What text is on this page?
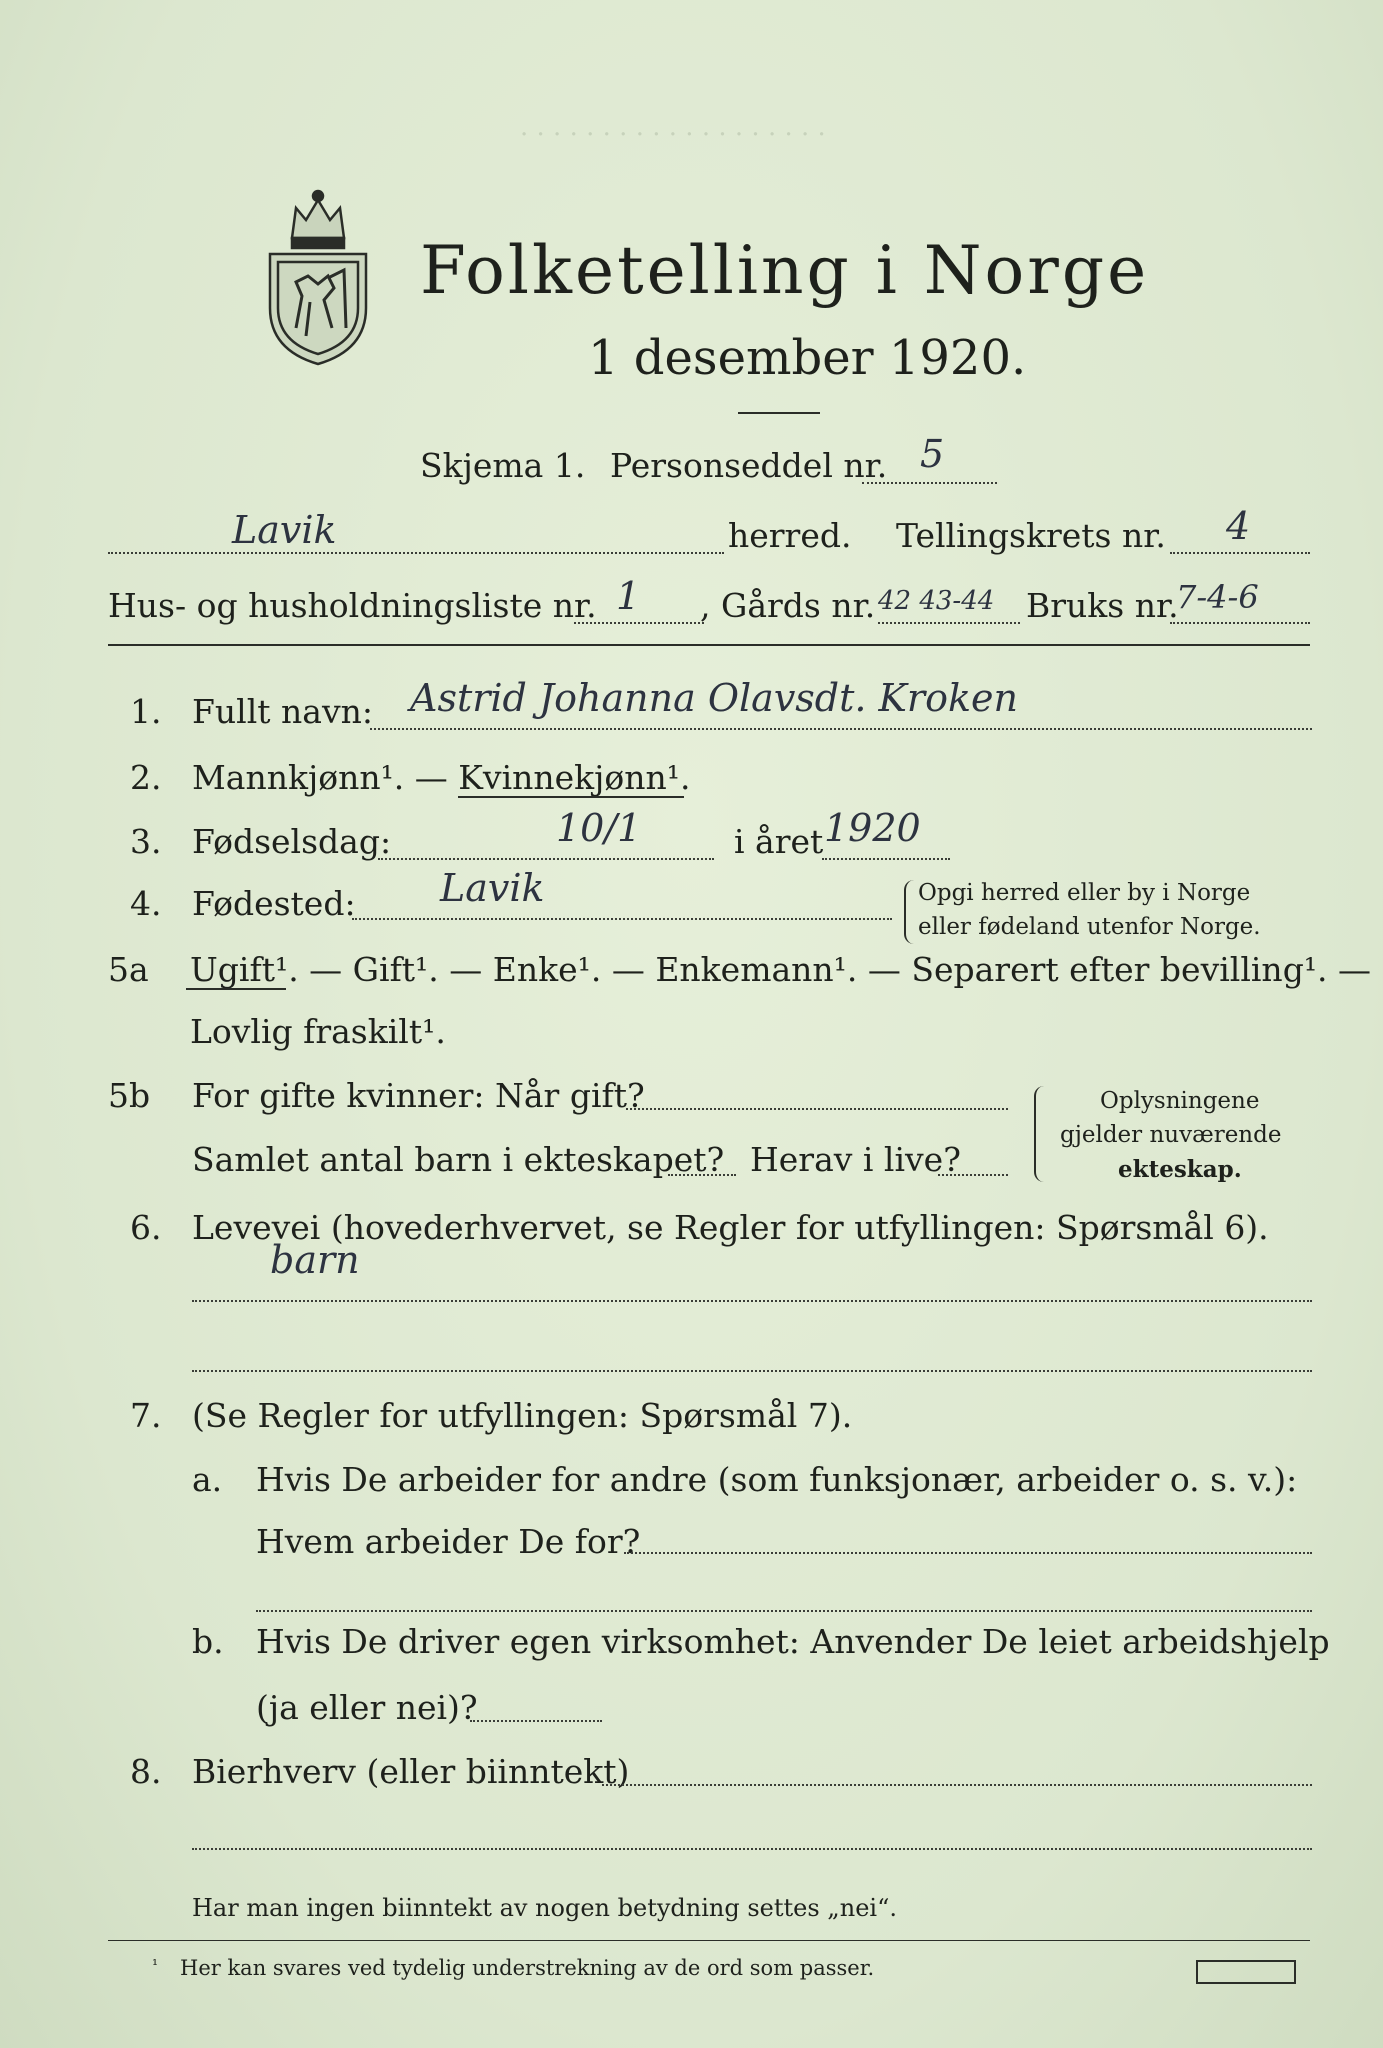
· · · · · · · · · · · · · · · · · · ·
Folketelling i Norge
1 desember 1920.
Skjema 1. Personseddel nr. 5
Lavik	herred. Tellingskrets nr. 4
Hus- og husholdningsliste nr. 1 , Gårds nr. 42 43-44 Bruks nr.
7-4-6
1. Fullt navn: Astrid Johanna Olavsdt. Kroken
2. Mannkjønn¹. — Kvinnekjønn¹.
3. Fødselsdag:	10/1	i året 1920
4. Fødested: Lavik	Opgi herred eller by i Norge
eller fødeland utenfor Norge.
5a Ugift¹. — Gift¹. — Enke¹. — Enkemann¹. — Separert efter bevilling¹. —
Lovlig fraskilt¹.
5b For gifte kvinner: Når gift?
Samlet antal barn i ekteskapet? Herav i live?
Oplysningene
gjelder nuværende
ekteskap.
6. Levevei (hovederhvervet, se Regler for utfyllingen: Spørsmål 6).
barn
7. (Se Regler for utfyllingen: Spørsmål 7).
a. Hvis De arbeider for andre (som funksjonær, arbeider o. s. v.):
Hvem arbeider De for?
b. Hvis De driver egen virksomhet: Anvender De leiet arbeidshjelp
(ja eller nei)?
8. Bierhverv (eller biinntekt)
Har man ingen biinntekt av nogen betydning settes „nei“.
¹ Her kan svares ved tydelig understrekning av de ord som passer.
